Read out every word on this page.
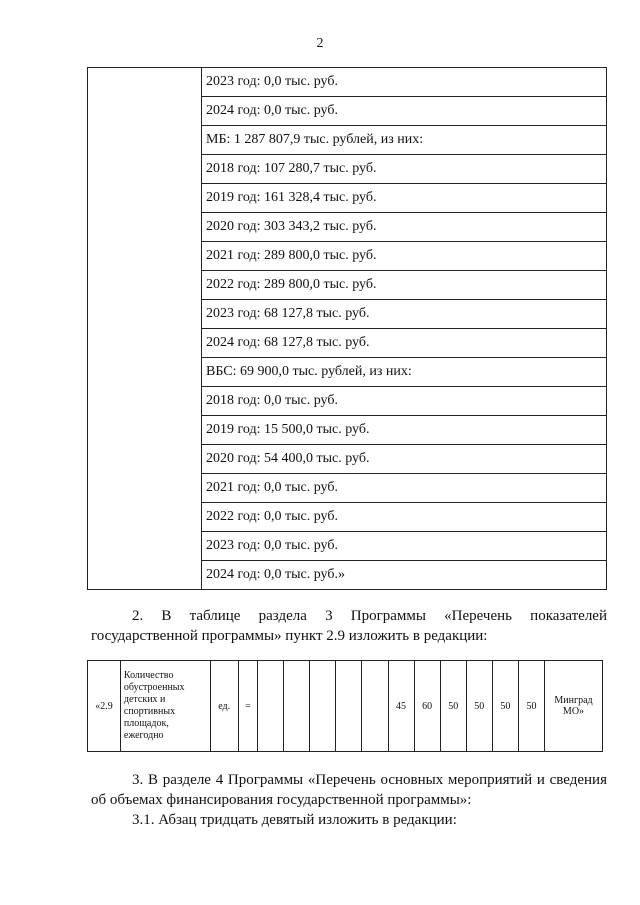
2
	2023 год: 0,0 тыс. руб.
2024 год: 0,0 тыс. руб.
МБ: 1 287 807,9 тыс. рублей, из них:
2018 год: 107 280,7 тыс. руб.
2019 год: 161 328,4 тыс. руб.
2020 год: 303 343,2 тыс. руб.
2021 год: 289 800,0 тыс. руб.
2022 год: 289 800,0 тыс. руб.
2023 год: 68 127,8 тыс. руб.
2024 год: 68 127,8 тыс. руб.
ВБС: 69 900,0 тыс. рублей, из них:
2018 год: 0,0 тыс. руб.
2019 год: 15 500,0 тыс. руб.
2020 год: 54 400,0 тыс. руб.
2021 год: 0,0 тыс. руб.
2022 год: 0,0 тыс. руб.
2023 год: 0,0 тыс. руб.
2024 год: 0,0 тыс. руб.»
2. В таблице раздела 3 Программы «Перечень показателей государственной программы» пункт 2.9 изложить в редакции:
«2.9	Количество обустроенных детских и спортивных площадок, ежегодно	ед.	=						45	60	50	50	50	50	Минград МО»
3. В разделе 4 Программы «Перечень основных мероприятий и сведения об объемах финансирования государственной программы»:
3.1. Абзац тридцать девятый изложить в редакции:
